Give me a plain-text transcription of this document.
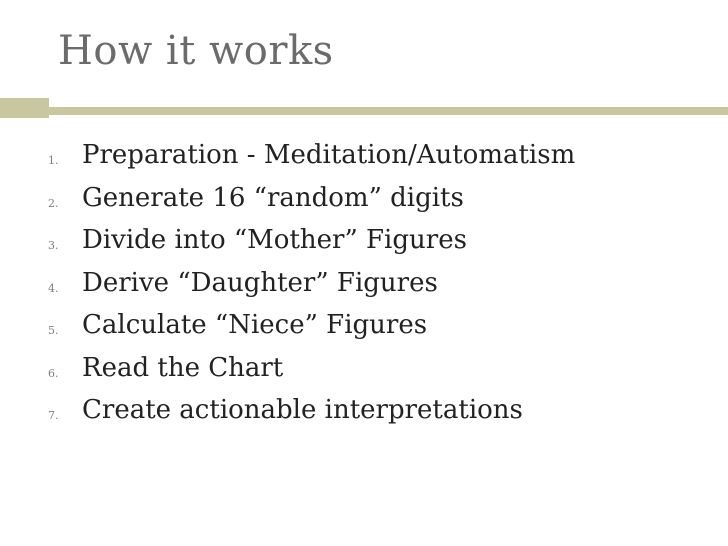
How it works
1. Preparation - Meditation/Automatism
2. Generate 16 “random” digits
3. Divide into “Mother” Figures
4. Derive “Daughter” Figures
5. Calculate “Niece” Figures
6. Read the Chart
7. Create actionable interpretations
